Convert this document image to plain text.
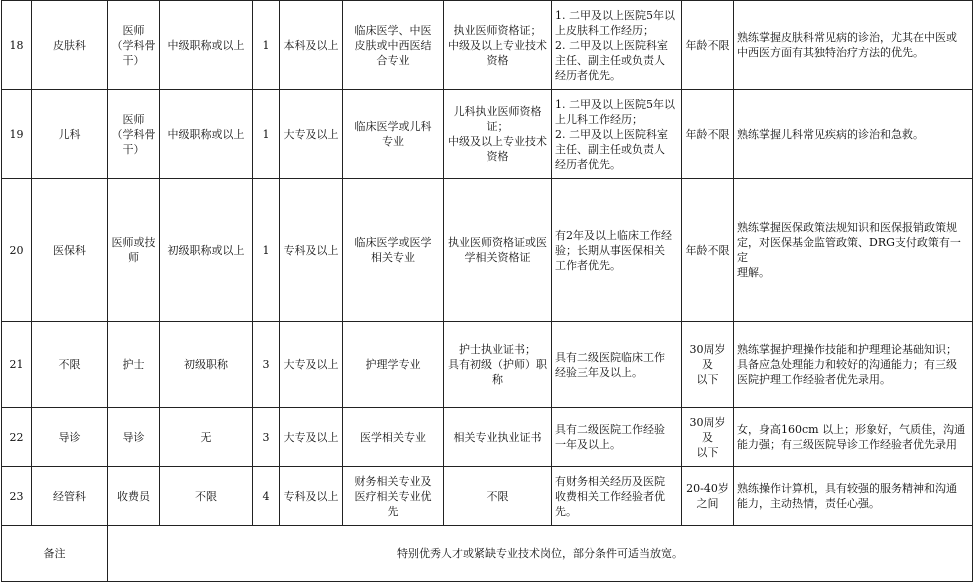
18	皮肤科	医师
（学科骨
干）	中级职称或以上	1	本科及以上	临床医学、中医
皮肤或中西医结
合专业	执业医师资格证；
中级及以上专业技术
资格	1. 二甲及以上医院5年以
上皮肤科工作经历；
2. 二甲及以上医院科室
主任、副主任或负责人
经历者优先。	年龄不限	熟练掌握皮肤科常见病的诊治，尤其在中医或
中西医方面有其独特治疗方法的优先。

19	儿科	医师
（学科骨
干）	中级职称或以上	1	大专及以上	临床医学或儿科
专业	儿科执业医师资格
证；
中级及以上专业技术
资格	1. 二甲及以上医院5年以
上儿科工作经历；
2. 二甲及以上医院科室
主任、副主任或负责人
经历者优先。	年龄不限	熟练掌握儿科常见疾病的诊治和急救。

20	医保科	医师或技
师	初级职称或以上	1	专科及以上	临床医学或医学
相关专业	执业医师资格证或医
学相关资格证	有2年及以上临床工作经
验；长期从事医保相关
工作者优先。	年龄不限	熟练掌握医保政策法规知识和医保报销政策规
定，对医保基金监管政策、DRG支付政策有一定
理解。

21	不限	护士	初级职称	3	大专及以上	护理学专业	护士执业证书；
具有初级（护师）职
称	具有二级医院临床工作
经验三年及以上。	30周岁及
以下	熟练掌握护理操作技能和护理理论基础知识；
具备应急处理能力和较好的沟通能力；有三级
医院护理工作经验者优先录用。

22	导诊	导诊	无	3	大专及以上	医学相关专业	相关专业执业证书	具有二级医院工作经验
一年及以上。	30周岁及
以下	女，身高160cm 以上；形象好，气质佳，沟通
能力强；有三级医院导诊工作经验者优先录用

23	经管科	收费员	不限	4	专科及以上	财务相关专业及
医疗相关专业优
先	不限	有财务相关经历及医院
收费相关工作经验者优
先。	20-40岁
之间	熟练操作计算机，具有较强的服务精神和沟通
能力，主动热情，责任心强。

备注		特别优秀人才或紧缺专业技术岗位，部分条件可适当放宽。								
